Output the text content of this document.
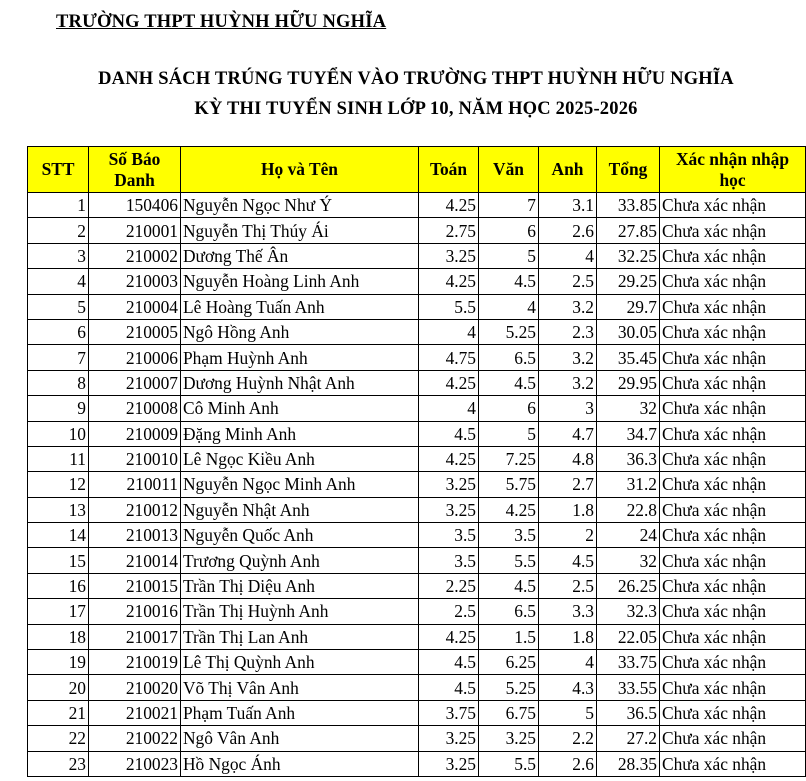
TRƯỜNG THPT HUỲNH HỮU NGHĨA
DANH SÁCH TRÚNG TUYỂN VÀO TRƯỜNG THPT HUỲNH HỮU NGHĨA
KỲ THI TUYỂN SINH LỚP 10, NĂM HỌC 2025-2026
STT	Số Báo Danh	Họ và Tên	Toán	Văn	Anh	Tổng	Xác nhận nhập học
1	150406	Nguyễn Ngọc Như Ý	4.25	7	3.1	33.85	Chưa xác nhận
2	210001	Nguyễn Thị Thúy Ái	2.75	6	2.6	27.85	Chưa xác nhận
3	210002	Dương Thế Ân	3.25	5	4	32.25	Chưa xác nhận
4	210003	Nguyễn Hoàng Linh Anh	4.25	4.5	2.5	29.25	Chưa xác nhận
5	210004	Lê Hoàng Tuấn Anh	5.5	4	3.2	29.7	Chưa xác nhận
6	210005	Ngô Hồng Anh	4	5.25	2.3	30.05	Chưa xác nhận
7	210006	Phạm Huỳnh Anh	4.75	6.5	3.2	35.45	Chưa xác nhận
8	210007	Dương Huỳnh Nhật Anh	4.25	4.5	3.2	29.95	Chưa xác nhận
9	210008	Cô Minh Anh	4	6	3	32	Chưa xác nhận
10	210009	Đặng Minh Anh	4.5	5	4.7	34.7	Chưa xác nhận
11	210010	Lê Ngọc Kiều Anh	4.25	7.25	4.8	36.3	Chưa xác nhận
12	210011	Nguyễn Ngọc Minh Anh	3.25	5.75	2.7	31.2	Chưa xác nhận
13	210012	Nguyễn Nhật Anh	3.25	4.25	1.8	22.8	Chưa xác nhận
14	210013	Nguyễn Quốc Anh	3.5	3.5	2	24	Chưa xác nhận
15	210014	Trương Quỳnh Anh	3.5	5.5	4.5	32	Chưa xác nhận
16	210015	Trần Thị Diệu Anh	2.25	4.5	2.5	26.25	Chưa xác nhận
17	210016	Trần Thị Huỳnh Anh	2.5	6.5	3.3	32.3	Chưa xác nhận
18	210017	Trần Thị Lan Anh	4.25	1.5	1.8	22.05	Chưa xác nhận
19	210019	Lê Thị Quỳnh Anh	4.5	6.25	4	33.75	Chưa xác nhận
20	210020	Võ Thị Vân Anh	4.5	5.25	4.3	33.55	Chưa xác nhận
21	210021	Phạm Tuấn Anh	3.75	6.75	5	36.5	Chưa xác nhận
22	210022	Ngô Vân Anh	3.25	3.25	2.2	27.2	Chưa xác nhận
23	210023	Hồ Ngọc Ánh	3.25	5.5	2.6	28.35	Chưa xác nhận
